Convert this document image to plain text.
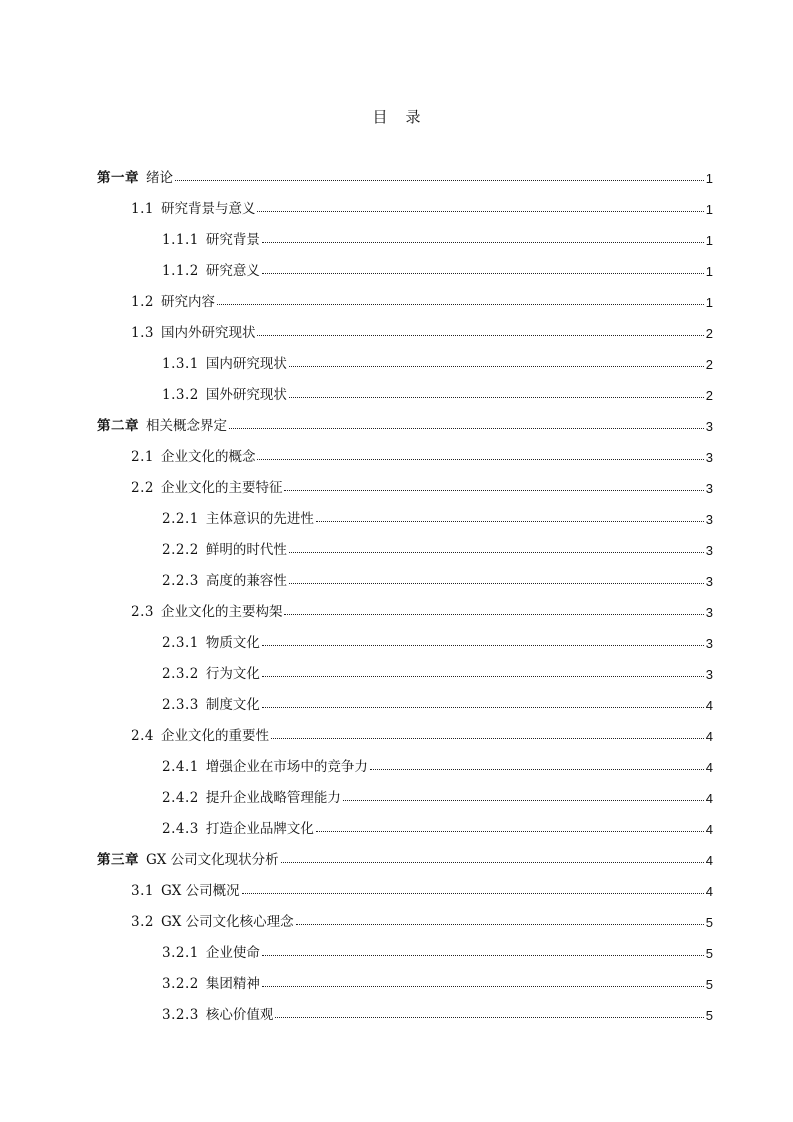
目录
第一章 绪论	1
1.1 研究背景与意义	1
1.1.1 研究背景	1
1.1.2 研究意义	1
1.2 研究内容	1
1.3 国内外研究现状	2
1.3.1 国内研究现状	2
1.3.2 国外研究现状	2
第二章 相关概念界定	3
2.1 企业文化的概念	3
2.2 企业文化的主要特征	3
2.2.1 主体意识的先进性	3
2.2.2 鲜明的时代性	3
2.2.3 高度的兼容性	3
2.3 企业文化的主要构架	3
2.3.1 物质文化	3
2.3.2 行为文化	3
2.3.3 制度文化	4
2.4 企业文化的重要性	4
2.4.1 增强企业在市场中的竞争力	4
2.4.2 提升企业战略管理能力	4
2.4.3 打造企业品牌文化	4
第三章 GX 公司文化现状分析	4
3.1 GX 公司概况	4
3.2 GX 公司文化核心理念	5
3.2.1 企业使命	5
3.2.2 集团精神	5
3.2.3 核心价值观	5
